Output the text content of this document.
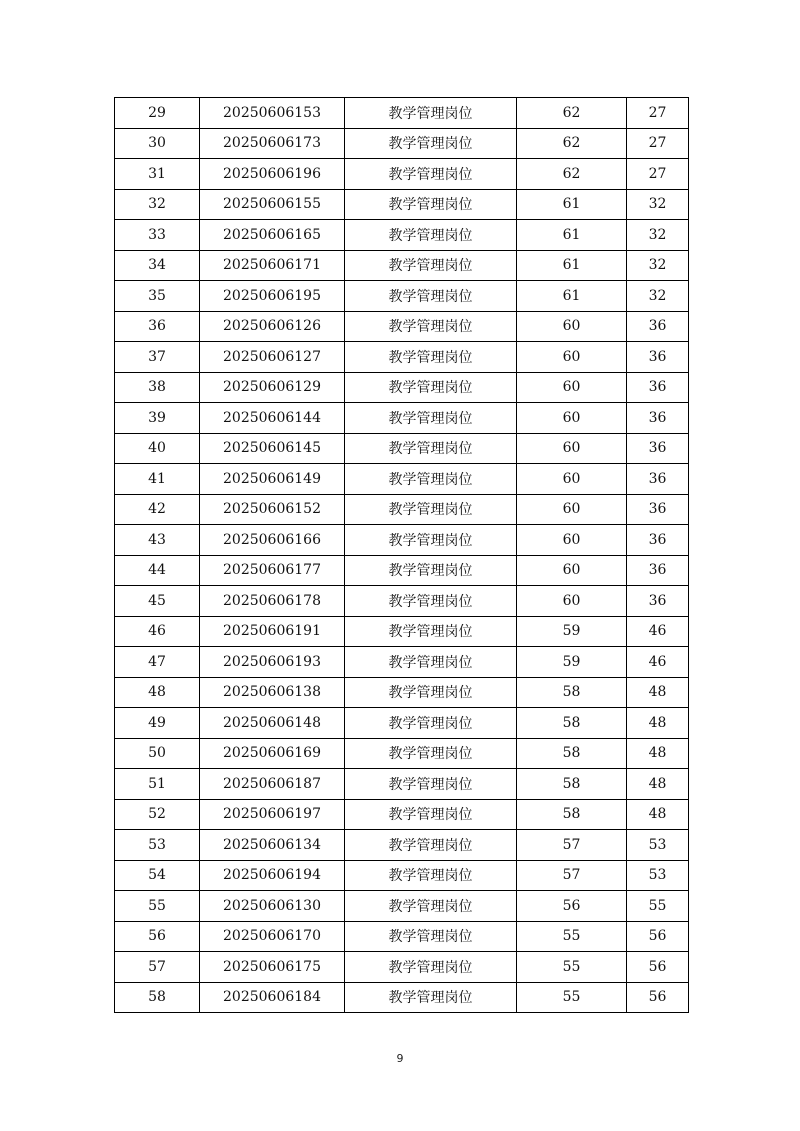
29	20250606153	教学管理岗位	62	27
30	20250606173	教学管理岗位	62	27
31	20250606196	教学管理岗位	62	27
32	20250606155	教学管理岗位	61	32
33	20250606165	教学管理岗位	61	32
34	20250606171	教学管理岗位	61	32
35	20250606195	教学管理岗位	61	32
36	20250606126	教学管理岗位	60	36
37	20250606127	教学管理岗位	60	36
38	20250606129	教学管理岗位	60	36
39	20250606144	教学管理岗位	60	36
40	20250606145	教学管理岗位	60	36
41	20250606149	教学管理岗位	60	36
42	20250606152	教学管理岗位	60	36
43	20250606166	教学管理岗位	60	36
44	20250606177	教学管理岗位	60	36
45	20250606178	教学管理岗位	60	36
46	20250606191	教学管理岗位	59	46
47	20250606193	教学管理岗位	59	46
48	20250606138	教学管理岗位	58	48
49	20250606148	教学管理岗位	58	48
50	20250606169	教学管理岗位	58	48
51	20250606187	教学管理岗位	58	48
52	20250606197	教学管理岗位	58	48
53	20250606134	教学管理岗位	57	53
54	20250606194	教学管理岗位	57	53
55	20250606130	教学管理岗位	56	55
56	20250606170	教学管理岗位	55	56
57	20250606175	教学管理岗位	55	56
58	20250606184	教学管理岗位	55	56
9
